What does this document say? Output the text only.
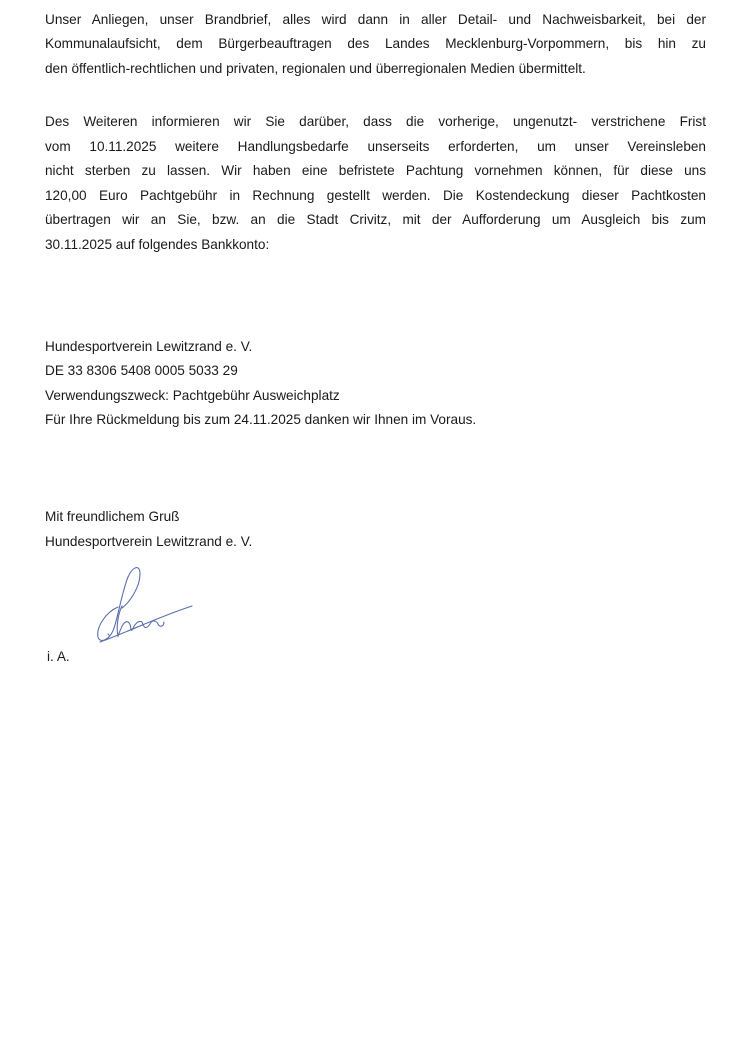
Unser Anliegen, unser Brandbrief, alles wird dann in aller Detail- und Nachweisbarkeit, bei der
Kommunalaufsicht, dem Bürgerbeauftragen des Landes Mecklenburg-Vorpommern, bis hin zu
den öffentlich-rechtlichen und privaten, regionalen und überregionalen Medien übermittelt.
Des Weiteren informieren wir Sie darüber, dass die vorherige, ungenutzt- verstrichene Frist
vom 10.11.2025 weitere Handlungsbedarfe unserseits erforderten, um unser Vereinsleben
nicht sterben zu lassen. Wir haben eine befristete Pachtung vornehmen können, für diese uns
120,00 Euro Pachtgebühr in Rechnung gestellt werden. Die Kostendeckung dieser Pachtkosten
übertragen wir an Sie, bzw. an die Stadt Crivitz, mit der Aufforderung um Ausgleich bis zum
30.11.2025 auf folgendes Bankkonto:
Hundesportverein Lewitzrand e. V.
DE 33 8306 5408 0005 5033 29
Verwendungszweck: Pachtgebühr Ausweichplatz
Für Ihre Rückmeldung bis zum 24.11.2025 danken wir Ihnen im Voraus.
Mit freundlichem Gruß
Hundesportverein Lewitzrand e. V.
i. A.
